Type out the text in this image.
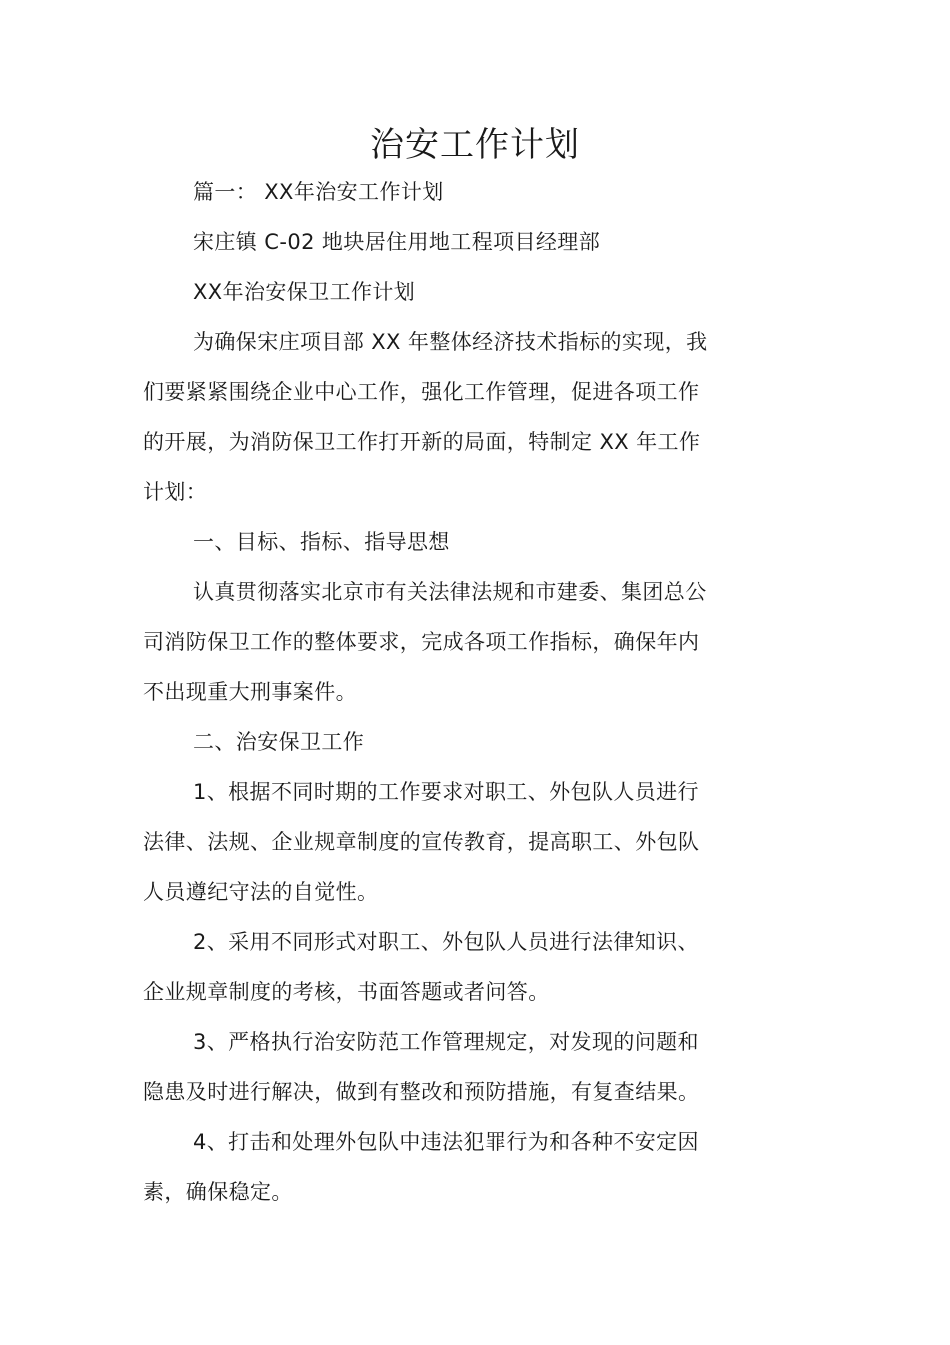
治安工作计划
篇一： XX年治安工作计划
宋庄镇 C-02 地块居住用地工程项目经理部
XX年治安保卫工作计划
为确保宋庄项目部 XX 年整体经济技术指标的实现，我
们要紧紧围绕企业中心工作，强化工作管理，促进各项工作
的开展，为消防保卫工作打开新的局面，特制定 XX 年工作
计划：
一、目标、指标、指导思想
认真贯彻落实北京市有关法律法规和市建委、集团总公
司消防保卫工作的整体要求，完成各项工作指标，确保年内
不出现重大刑事案件。
二、治安保卫工作
1、根据不同时期的工作要求对职工、外包队人员进行
法律、法规、企业规章制度的宣传教育，提高职工、外包队
人员遵纪守法的自觉性。
2、采用不同形式对职工、外包队人员进行法律知识、
企业规章制度的考核，书面答题或者问答。
3、严格执行治安防范工作管理规定，对发现的问题和
隐患及时进行解决，做到有整改和预防措施，有复查结果。
4、打击和处理外包队中违法犯罪行为和各种不安定因
素，确保稳定。
